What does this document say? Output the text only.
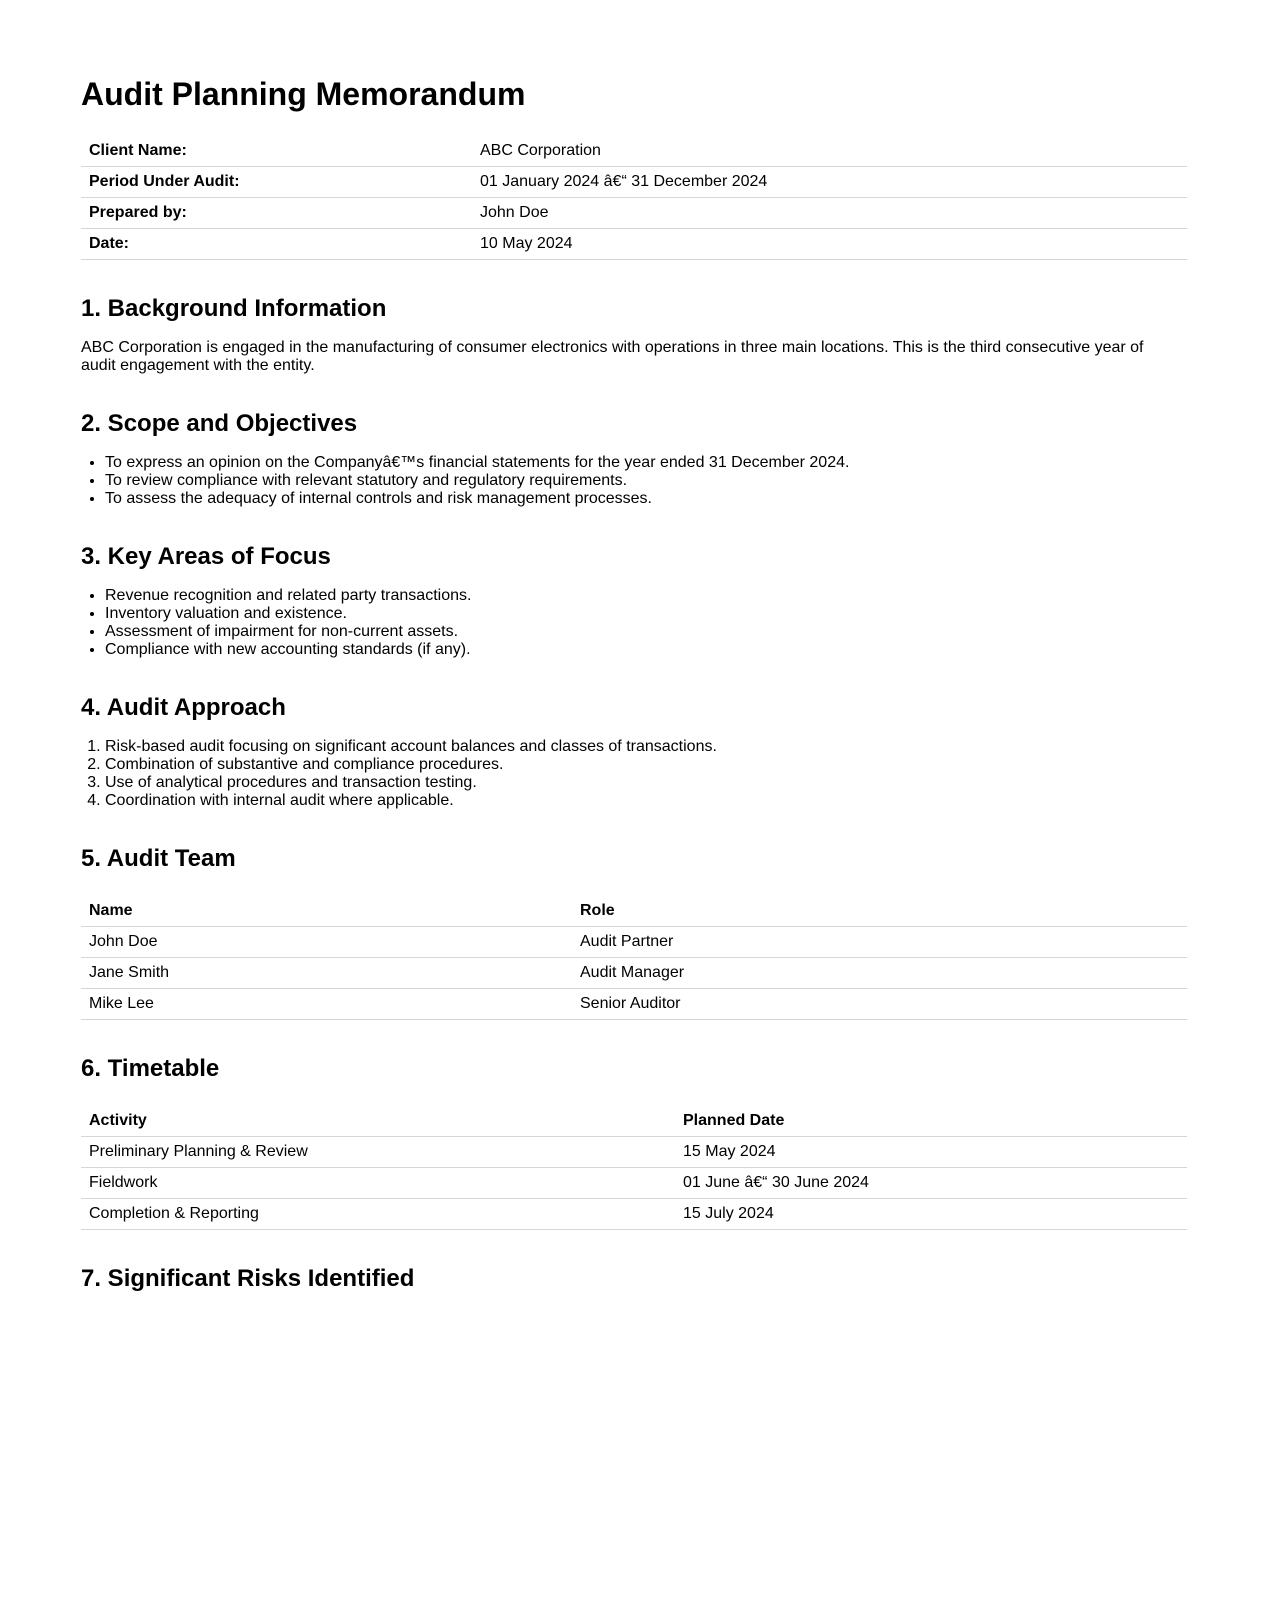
Audit Planning Memorandum
Client Name:	ABC Corporation
Period Under Audit:	01 January 2024 â€“ 31 December 2024
Prepared by:	John Doe
Date:	10 May 2024
1. Background Information

ABC Corporation is engaged in the manufacturing of consumer electronics with operations in three main locations. This is the third consecutive year of audit engagement with the entity.

2. Scope and Objectives
• To express an opinion on the Companyâ€™s financial statements for the year ended 31 December 2024.
• To review compliance with relevant statutory and regulatory requirements.
• To assess the adequacy of internal controls and risk management processes.
3. Key Areas of Focus
• Revenue recognition and related party transactions.
• Inventory valuation and existence.
• Assessment of impairment for non-current assets.
• Compliance with new accounting standards (if any).
4. Audit Approach
1. Risk-based audit focusing on significant account balances and classes of transactions.
2. Combination of substantive and compliance procedures.
3. Use of analytical procedures and transaction testing.
4. Coordination with internal audit where applicable.
5. Audit Team
Name	Role
John Doe	Audit Partner
Jane Smith	Audit Manager
Mike Lee	Senior Auditor
6. Timetable
Activity	Planned Date
Preliminary Planning & Review	15 May 2024
Fieldwork	01 June â€“ 30 June 2024
Completion & Reporting	15 July 2024
7. Significant Risks Identified
